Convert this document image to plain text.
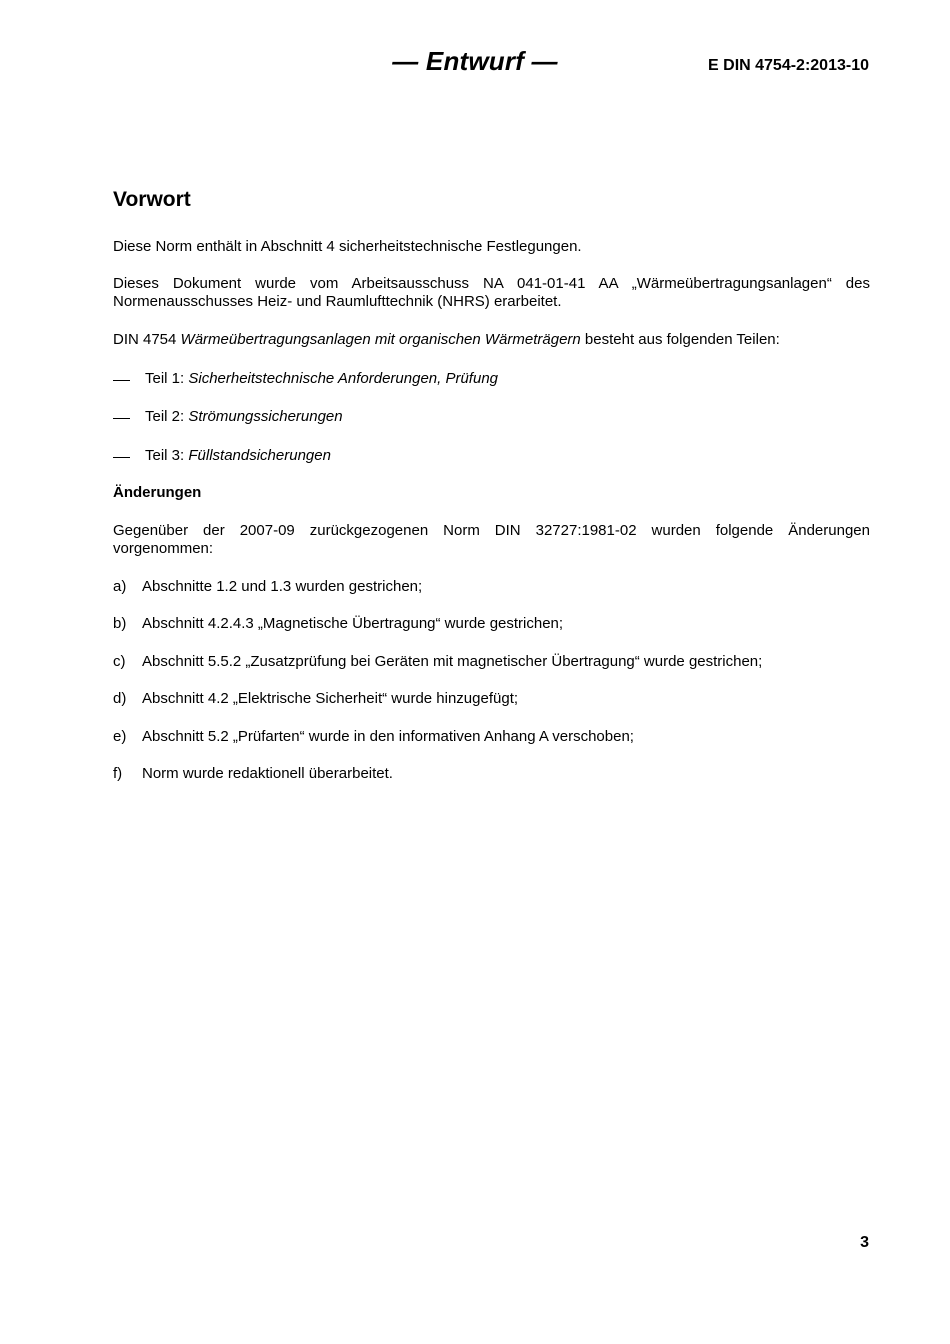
— Entwurf —	E DIN 4754-2:2013-10
Vorwort

Diese Norm enthält in Abschnitt 4 sicherheitstechnische Festlegungen.

Dieses Dokument wurde vom Arbeitsausschuss NA 041-01-41 AA „Wärmeübertragungsanlagen“ des Normenausschusses Heiz- und Raumlufttechnik (NHRS) erarbeitet.

DIN 4754 Wärmeübertragungsanlagen mit organischen Wärmeträgern besteht aus folgenden Teilen:

Teil 1: Sicherheitstechnische Anforderungen, Prüfung
Teil 2: Strömungssicherungen
Teil 3: Füllstandsicherungen
Änderungen

Gegenüber der 2007-09 zurückgezogenen Norm DIN 32727:1981-02 wurden folgende Änderungen vorgenommen:

a) Abschnitte 1.2 und 1.3 wurden gestrichen;
b) Abschnitt 4.2.4.3 „Magnetische Übertragung“ wurde gestrichen;
c) Abschnitt 5.5.2 „Zusatzprüfung bei Geräten mit magnetischer Übertragung“ wurde gestrichen;
d) Abschnitt 4.2 „Elektrische Sicherheit“ wurde hinzugefügt;
e) Abschnitt 5.2 „Prüfarten“ wurde in den informativen Anhang A verschoben;
f) Norm wurde redaktionell überarbeitet.
3
